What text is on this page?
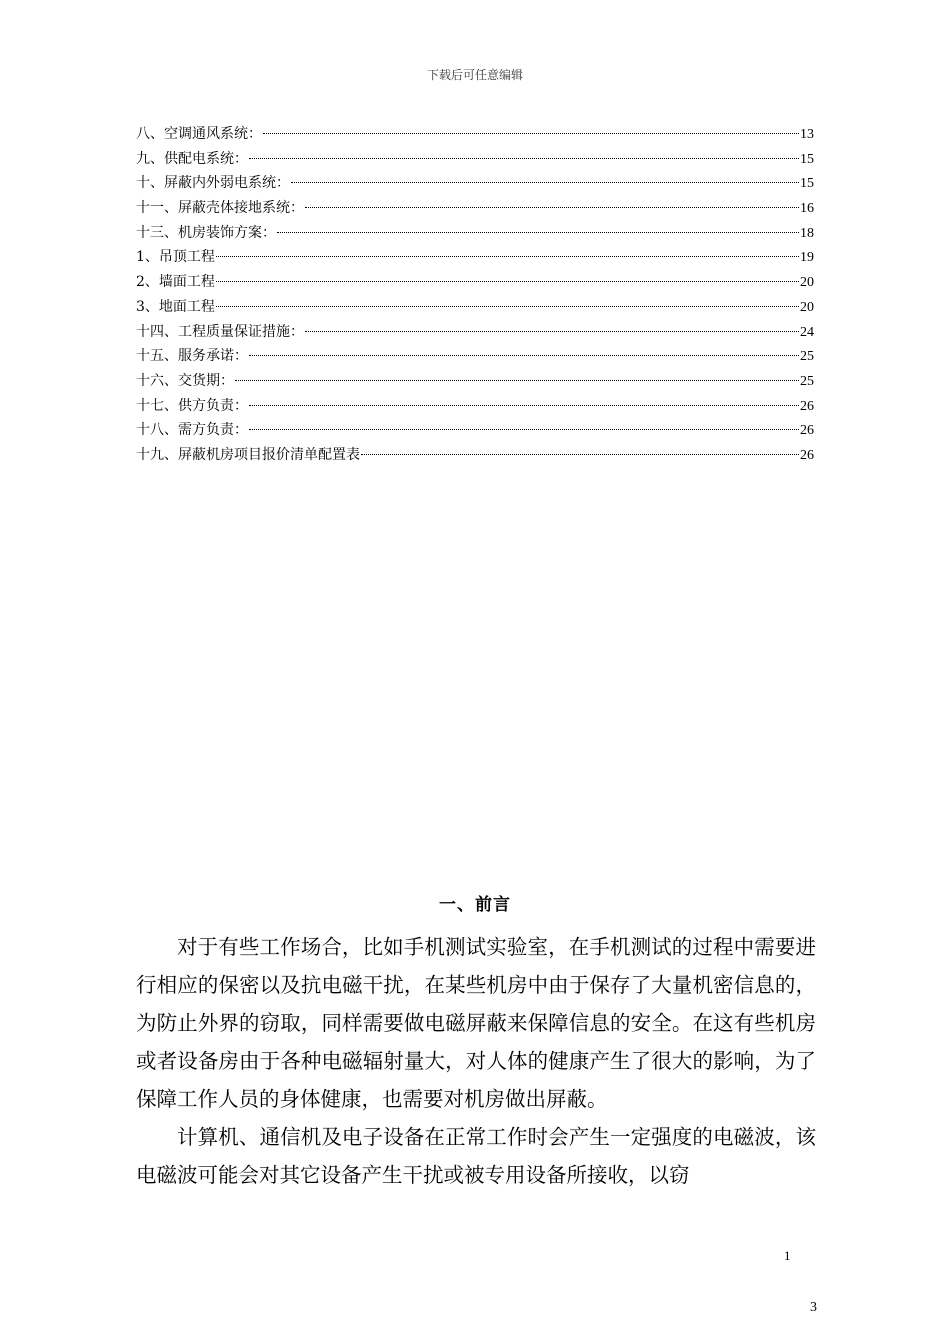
下载后可任意编辑
八、空调通风系统：	13
九、供配电系统：	15
十、屏蔽内外弱电系统：	15
十一、屏蔽壳体接地系统：	16
十三、机房装饰方案：	18
1、吊顶工程	19
2、墙面工程	20
3、地面工程	20
十四、工程质量保证措施：	24
十五、服务承诺：	25
十六、交货期：	25
十七、供方负责：	26
十八、需方负责：	26
十九、屏蔽机房项目报价清单配置表	26
一、前言

对于有些工作场合，比如手机测试实验室，在手机测试的过程中需要进行相应的保密以及抗电磁干扰，在某些机房中由于保存了大量机密信息的，为防止外界的窃取，同样需要做电磁屏蔽来保障信息的安全。在这有些机房或者设备房由于各种电磁辐射量大，对人体的健康产生了很大的影响，为了保障工作人员的身体健康，也需要对机房做出屏蔽。

计算机、通信机及电子设备在正常工作时会产生一定强度的电磁波，该电磁波可能会对其它设备产生干扰或被专用设备所接收，以窃

1
3
